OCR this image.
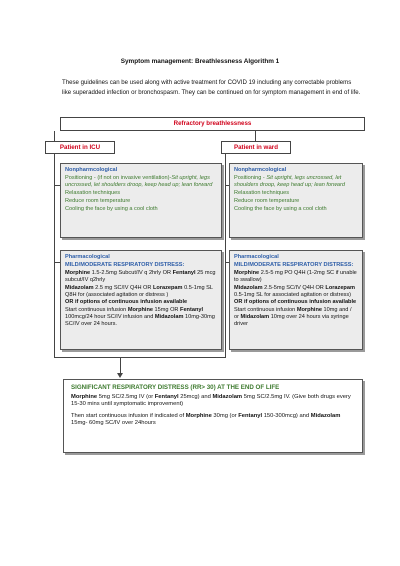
Symptom management: Breathlessness Algorithm 1
These guidelines can be used along with active treatment for COVID 19 including any correctable problems like superadded infection or bronchospasm. They can be continued on for symptom management in end of life.
Refractory breathlessness
Patient in ICU	Patient in ward
Nonpharmcological
Positioning - (if not on invasive ventilation)-Sit upright, legs uncrossed, let shoulders droop, keep head up; lean forward
Relaxation techniques
Reduce room temperature
Cooling the face by using a cool cloth
Nonpharmcological
Positioning - Sit upright, legs uncrossed, let shoulders droop, keep head up; lean forward
Relaxation techniques
Reduce room temperature
Cooling the face by using a cool cloth
Pharmacological
MILD/MODERATE RESPIRATORY DISTRESS:
Morphine 1.5-2.5mg Subcut/IV q 2hrly OR Fentanyl 25 mcg subcut/IV q2hrly
Midazolam 2.5 mg SC/IV Q4H OR Lorazepam 0.5-1mg SL Q8H for (associated agitation or distress )
OR if options of continuous infusion available
Start continuous infusion Morphine 15mg OR Fentanyl 100mcg/24 hour SC/IV infusion and Midazolam 10mg-30mg SC/IV over 24 hours.
Pharmacological
MILD/MODERATE RESPIRATORY DISTRESS:
Morphine 2.5-5 mg PO Q4H (1-2mg SC if unable to swallow)
Midazolam 2.5-5mg SC/IV Q4H OR Lorazepam 0.5-1mg SL for associated agitation or distress)
OR if options of continuous infusion available
Start continuous infusion Morphine 10mg and / or Midazolam 10mg over 24 hours via syringe driver
SIGNIFICANT RESPIRATORY DISTRESS (RR> 30) AT THE END OF LIFE

Morphine 5mg SC/2.5mg IV (or Fentanyl 25mcg) and Midazolam 5mg SC/2.5mg IV. (Give both drugs every 15-30 mins until symptomatic improvement)

Then start continuous infusion if indicated of Morphine 30mg (or Fentanyl 150-300mcg) and Midazolam 15mg- 60mg SC/IV over 24hours
